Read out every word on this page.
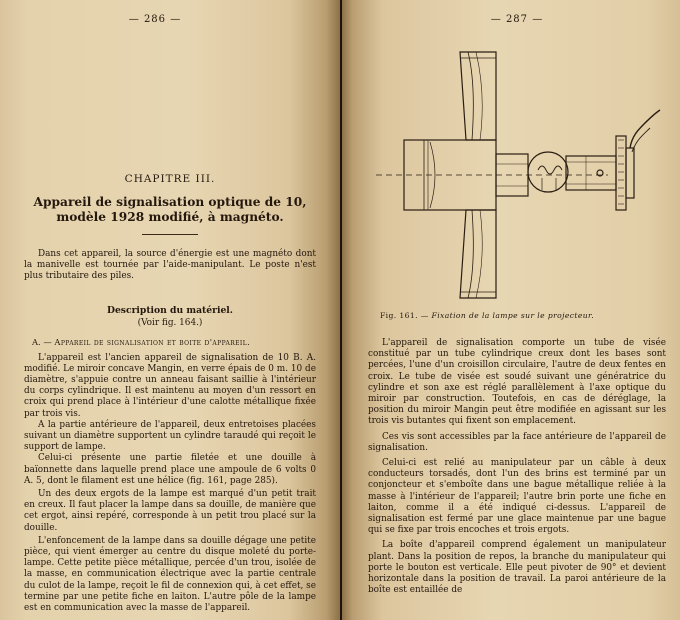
— 286 —
CHAPITRE III.
Appareil de signalisation optique de 10, modèle 1928 modifié, à magnéto.

Dans cet appareil, la source d'énergie est une magnéto dont la manivelle est tournée par l'aide-manipulant. Le poste n'est plus tributaire des piles.

Description du matériel.
(Voir fig. 164.)
A. — Appareil de signalisation et boite d'appareil.

L'appareil est l'ancien appareil de signalisation de 10 B. A. modifié. Le miroir concave Mangin, en verre épais de 0 m. 10 de diamètre, s'appuie contre un anneau faisant saillie à l'intérieur du corps cylindrique. Il est maintenu au moyen d'un ressort en croix qui prend place à l'intérieur d'une calotte métallique fixée par trois vis.

A la partie antérieure de l'appareil, deux entretoises placées suivant un diamètre supportent un cylindre taraudé qui reçoit le support de lampe.

Celui-ci présente une partie filetée et une douille à baïonnette dans laquelle prend place une ampoule de 6 volts 0 A. 5, dont le filament est une hélice (fig. 161, page 285).

Un des deux ergots de la lampe est marqué d'un petit trait en creux. Il faut placer la lampe dans sa douille, de manière que cet ergot, ainsi repéré, corresponde à un petit trou placé sur la douille.

L'enfoncement de la lampe dans sa douille dégage une petite pièce, qui vient émerger au centre du disque moleté du porte-lampe. Cette petite pièce métallique, percée d'un trou, isolée de la masse, en communication électrique avec la partie centrale du culot de la lampe, reçoit le fil de connexion qui, à cet effet, se termine par une petite fiche en laiton. L'autre pôle de la lampe est en communication avec la masse de l'appareil.

— 287 —
Fig. 161. — Fixation de la lampe sur le projecteur.

L'appareil de signalisation comporte un tube de visée constitué par un tube cylindrique creux dont les bases sont percées, l'une d'un croisillon circulaire, l'autre de deux fentes en croix. Le tube de visée est soudé suivant une génératrice du cylindre et son axe est réglé parallèlement à l'axe optique du miroir par construction. Toutefois, en cas de déréglage, la position du miroir Mangin peut être modifiée en agissant sur les trois vis butantes qui fixent son emplacement.

Ces vis sont accessibles par la face antérieure de l'appareil de signalisation.

Celui-ci est relié au manipulateur par un câble à deux conducteurs torsadés, dont l'un des brins est terminé par un conjoncteur et s'emboîte dans une bague métallique reliée à la masse à l'intérieur de l'appareil; l'autre brin porte une fiche en laiton, comme il a été indiqué ci-dessus. L'appareil de signalisation est fermé par une glace maintenue par une bague qui se fixe par trois encoches et trois ergots.

La boîte d'appareil comprend également un manipulateur plant. Dans la position de repos, la branche du manipulateur qui porte le bouton est verticale. Elle peut pivoter de 90° et devient horizontale dans la position de travail. La paroi antérieure de la boîte est entaillée de
